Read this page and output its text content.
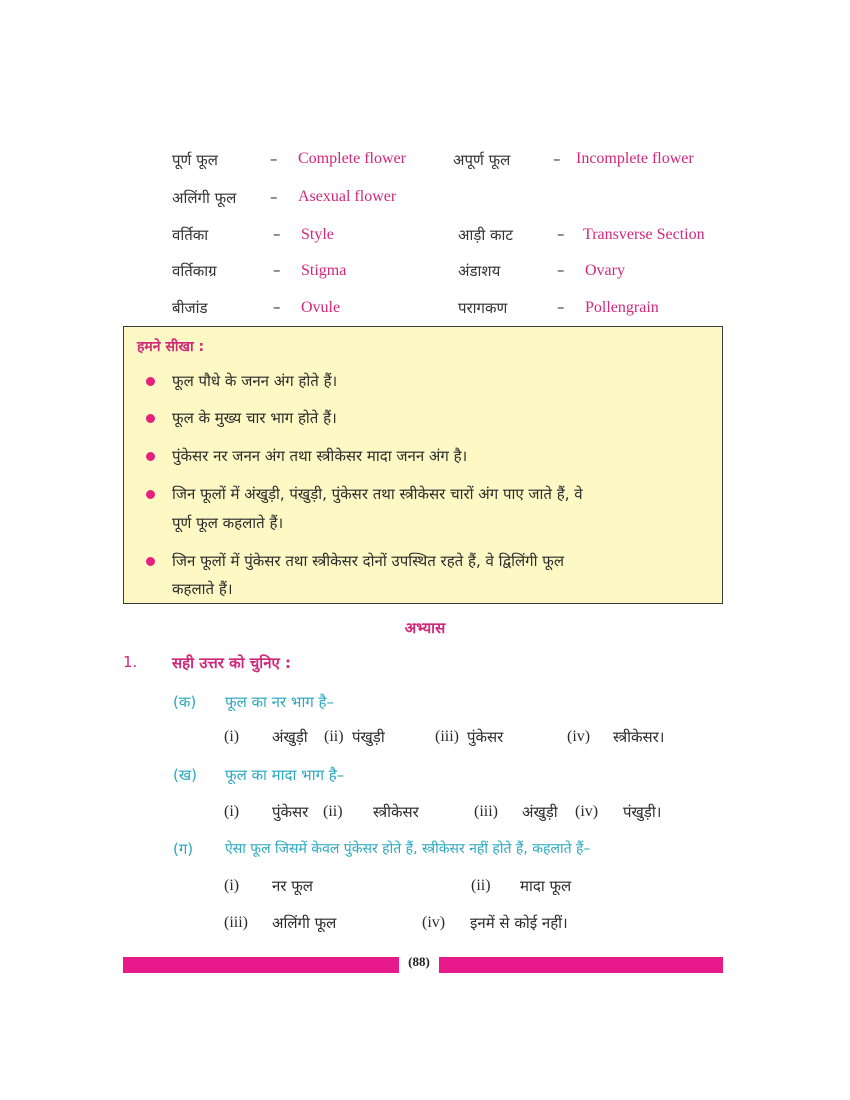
पूर्ण फूल	– Complete flower	अपूर्ण फूल	– Incomplete flower
अलिंगी फूल – Asexual flower
वर्तिका	– Style	आड़ी काट	– Transverse Section
वर्तिकाग्र	– Stigma	अंडाशय	– Ovary
बीजांड	– Ovule	परागकण	– Pollengrain
हमने सीखा :
फूल पौधे के जनन अंग होते हैं।
फूल के मुख्य चार भाग होते हैं।
पुंकेसर नर जनन अंग तथा स्त्रीकेसर मादा जनन अंग है।
जिन फूलों में अंखुड़ी, पंखुड़ी, पुंकेसर तथा स्त्रीकेसर चारों अंग पाए जाते हैं, वे
पूर्ण फूल कहलाते हैं।
जिन फूलों में पुंकेसर तथा स्त्रीकेसर दोनों उपस्थित रहते हैं, वे द्विलिंगी फूल
कहलाते हैं।
अभ्यास
1. सही उत्तर को चुनिए :
(क) फूल का नर भाग है–
(i) अंखुड़ी (ii) पंखुड़ी	(iii) पुंकेसर	(iv) स्त्रीकेसर।
(ख) फूल का मादा भाग है–
(i) पुंकेसर (ii) स्त्रीकेसर	(iii) अंखुड़ी (iv) पंखुड़ी।
(ग) ऐसा फूल जिसमें केवल पुंकेसर होते हैं, स्त्रीकेसर नहीं होते हैं, कहलाते हैं–
(i) नर फूल	(ii) मादा फूल
(iii) अलिंगी फूल	(iv) इनमें से कोई नहीं।
(88)
